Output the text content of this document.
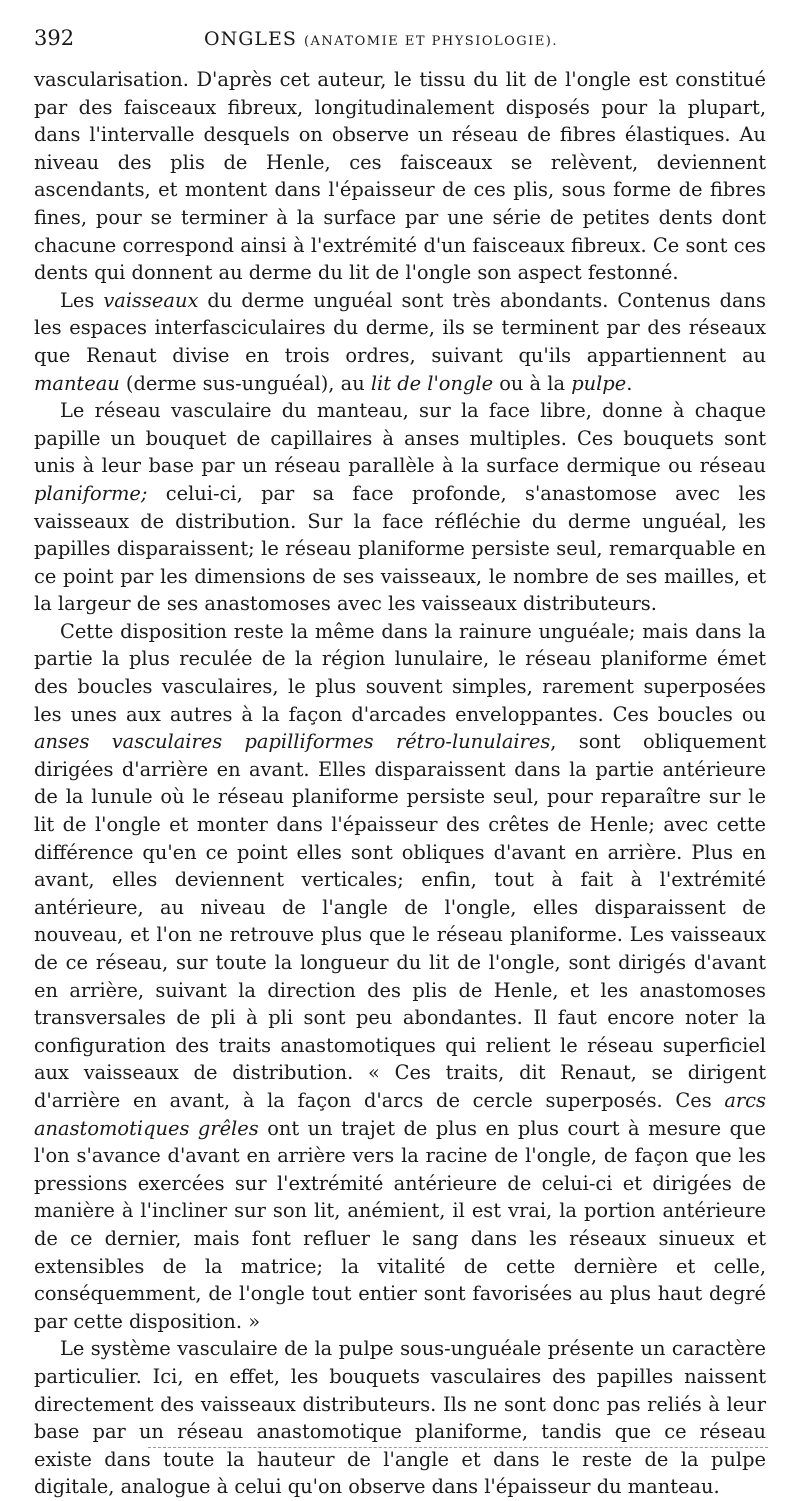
392	ONGLES (ANATOMIE ET PHYSIOLOGIE).

vascularisation. D'après cet auteur, le tissu du lit de l'ongle est constitué par des faisceaux fibreux, longitudinalement disposés pour la plupart, dans l'intervalle desquels on observe un réseau de fibres élastiques. Au niveau des plis de Henle, ces faisceaux se relèvent, deviennent ascendants, et montent dans l'épaisseur de ces plis, sous forme de fibres fines, pour se terminer à la surface par une série de petites dents dont chacune correspond ainsi à l'extrémité d'un faisceaux fibreux. Ce sont ces dents qui donnent au derme du lit de l'ongle son aspect festonné.

Les vaisseaux du derme unguéal sont très abondants. Contenus dans les espaces interfasciculaires du derme, ils se terminent par des réseaux que Renaut divise en trois ordres, suivant qu'ils appartiennent au manteau (derme sus-unguéal), au lit de l'ongle ou à la pulpe.

Le réseau vasculaire du manteau, sur la face libre, donne à chaque papille un bouquet de capillaires à anses multiples. Ces bouquets sont unis à leur base par un réseau parallèle à la surface dermique ou réseau planiforme; celui-ci, par sa face profonde, s'anastomose avec les vaisseaux de distribution. Sur la face réfléchie du derme unguéal, les papilles disparaissent; le réseau planiforme persiste seul, remarquable en ce point par les dimensions de ses vaisseaux, le nombre de ses mailles, et la largeur de ses anastomoses avec les vaisseaux distributeurs.

Cette disposition reste la même dans la rainure unguéale; mais dans la partie la plus reculée de la région lunulaire, le réseau planiforme émet des boucles vasculaires, le plus souvent simples, rarement superposées les unes aux autres à la façon d'arcades enveloppantes. Ces boucles ou anses vasculaires papilliformes rétro-lunulaires, sont obliquement dirigées d'arrière en avant. Elles disparaissent dans la partie antérieure de la lunule où le réseau planiforme persiste seul, pour reparaître sur le lit de l'ongle et monter dans l'épaisseur des crêtes de Henle; avec cette différence qu'en ce point elles sont obliques d'avant en arrière. Plus en avant, elles deviennent verticales; enfin, tout à fait à l'extrémité antérieure, au niveau de l'angle de l'ongle, elles disparaissent de nouveau, et l'on ne retrouve plus que le réseau planiforme. Les vaisseaux de ce réseau, sur toute la longueur du lit de l'ongle, sont dirigés d'avant en arrière, suivant la direction des plis de Henle, et les anastomoses transversales de pli à pli sont peu abondantes. Il faut encore noter la configuration des traits anastomotiques qui relient le réseau superficiel aux vaisseaux de distribution. « Ces traits, dit Renaut, se dirigent d'arrière en avant, à la façon d'arcs de cercle superposés. Ces arcs anastomotiques grêles ont un trajet de plus en plus court à mesure que l'on s'avance d'avant en arrière vers la racine de l'ongle, de façon que les pressions exercées sur l'extrémité antérieure de celui-ci et dirigées de manière à l'incliner sur son lit, anémient, il est vrai, la portion antérieure de ce dernier, mais font refluer le sang dans les réseaux sinueux et extensibles de la matrice; la vitalité de cette dernière et celle, conséquemment, de l'ongle tout entier sont favorisées au plus haut degré par cette disposition. »

Le système vasculaire de la pulpe sous-unguéale présente un caractère particulier. Ici, en effet, les bouquets vasculaires des papilles naissent directement des vaisseaux distributeurs. Ils ne sont donc pas reliés à leur base par un réseau anastomotique planiforme, tandis que ce réseau existe dans toute la hauteur de l'angle et dans le reste de la pulpe digitale, analogue à celui qu'on observe dans l'épaisseur du manteau.
